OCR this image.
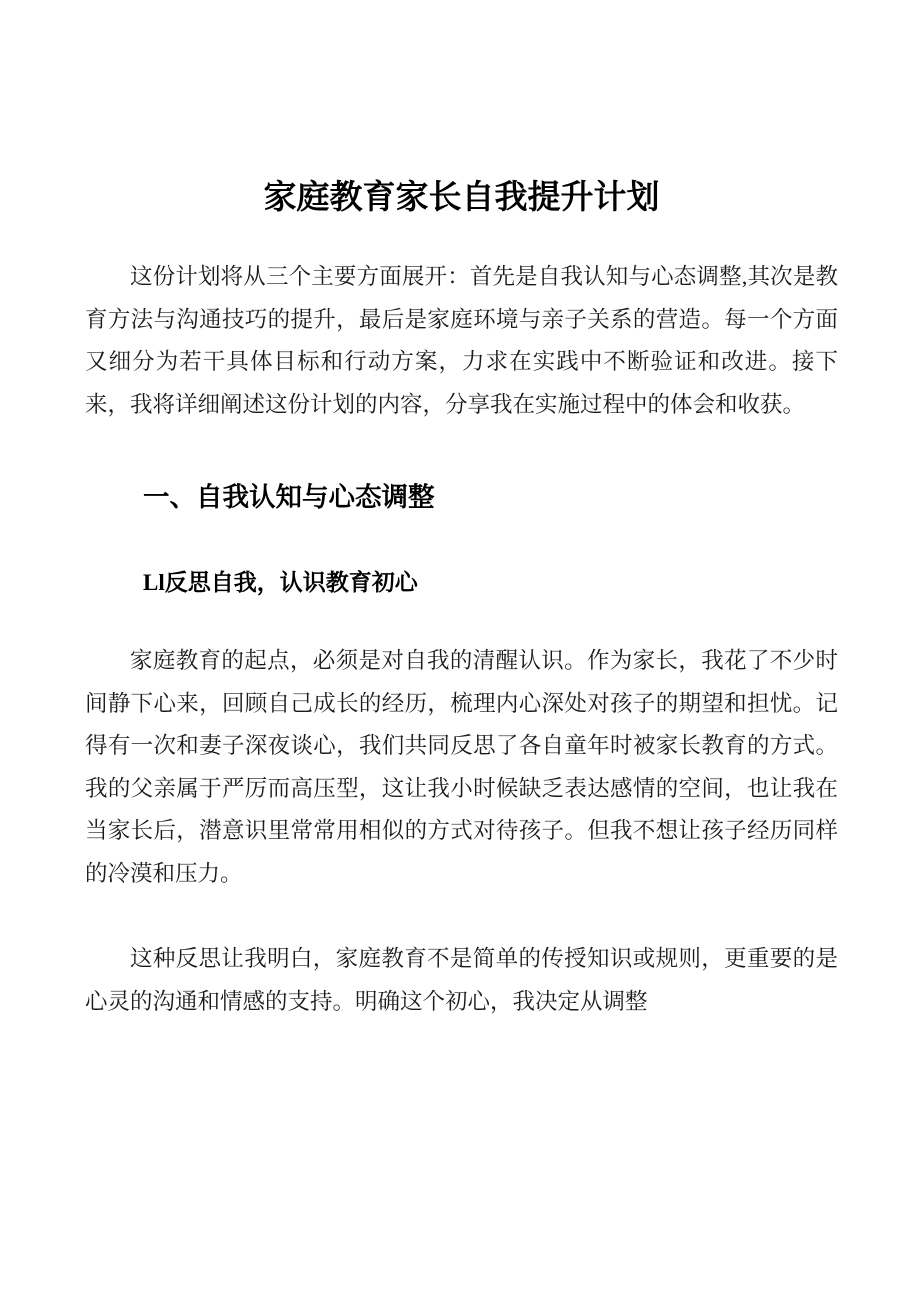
家庭教育家长自我提升计划

这份计划将从三个主要方面展开：首先是自我认知与心态调整,其次是教育方法与沟通技巧的提升，最后是家庭环境与亲子关系的营造。每一个方面又细分为若干具体目标和行动方案，力求在实践中不断验证和改进。接下来，我将详细阐述这份计划的内容，分享我在实施过程中的体会和收获。

一、自我认知与心态调整
Ll反思自我，认识教育初心

家庭教育的起点，必须是对自我的清醒认识。作为家长，我花了不少时间静下心来，回顾自己成长的经历，梳理内心深处对孩子的期望和担忧。记得有一次和妻子深夜谈心，我们共同反思了各自童年时被家长教育的方式。我的父亲属于严厉而高压型，这让我小时候缺乏表达感情的空间，也让我在当家长后，潜意识里常常用相似的方式对待孩子。但我不想让孩子经历同样的冷漠和压力。

这种反思让我明白，家庭教育不是简单的传授知识或规则，更重要的是心灵的沟通和情感的支持。明确这个初心，我决定从调整
